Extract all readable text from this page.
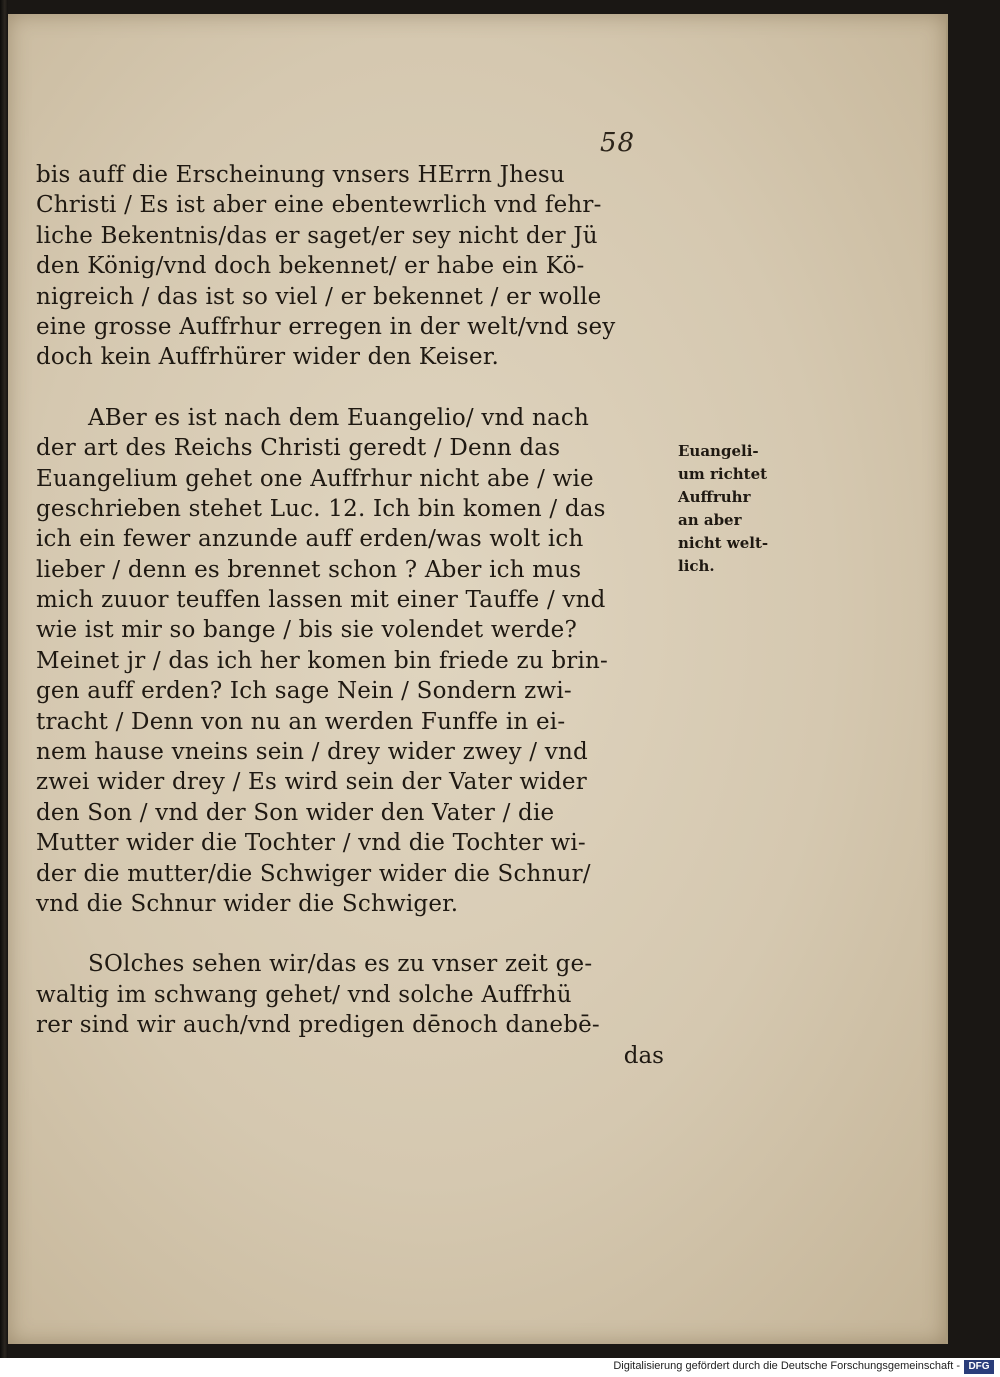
58
bis auff die Erscheinung vnsers HErrn Jhesu
Christi / Es ist aber eine ebentewrlich vnd fehr-
liche Bekentnis/das er saget/er sey nicht der Jü
den König/vnd doch bekennet/ er habe ein Kö-
nigreich / das ist so viel / er bekennet / er wolle
eine grosse Auffrhur erregen in der welt/vnd sey
doch kein Auffrhürer wider den Keiser.
ABer es ist nach dem Euangelio/ vnd nach
der art des Reichs Christi geredt / Denn das
Euangelium gehet one Auffrhur nicht abe / wie
geschrieben stehet Luc. 12. Ich bin komen / das
ich ein fewer anzunde auff erden/was wolt ich
lieber / denn es brennet schon ? Aber ich mus
mich zuuor teuffen lassen mit einer Tauffe / vnd
wie ist mir so bange / bis sie volendet werde?
Meinet jr / das ich her komen bin friede zu brin-
gen auff erden? Ich sage Nein / Sondern zwi-
tracht / Denn von nu an werden Funffe in ei-
nem hause vneins sein / drey wider zwey / vnd
zwei wider drey / Es wird sein der Vater wider
den Son / vnd der Son wider den Vater / die
Mutter wider die Tochter / vnd die Tochter wi-
der die mutter/die Schwiger wider die Schnur/
vnd die Schnur wider die Schwiger.
SOlches sehen wir/das es zu vnser zeit ge-
waltig im schwang gehet/ vnd solche Auffrhü
rer sind wir auch/vnd predigen dēnoch danebē-
das
Euangeli-
um richtet
Auffruhr
an aber
nicht welt-
lich.
Digitalisierung gefördert durch die Deutsche Forschungsgemeinschaft - DFG
